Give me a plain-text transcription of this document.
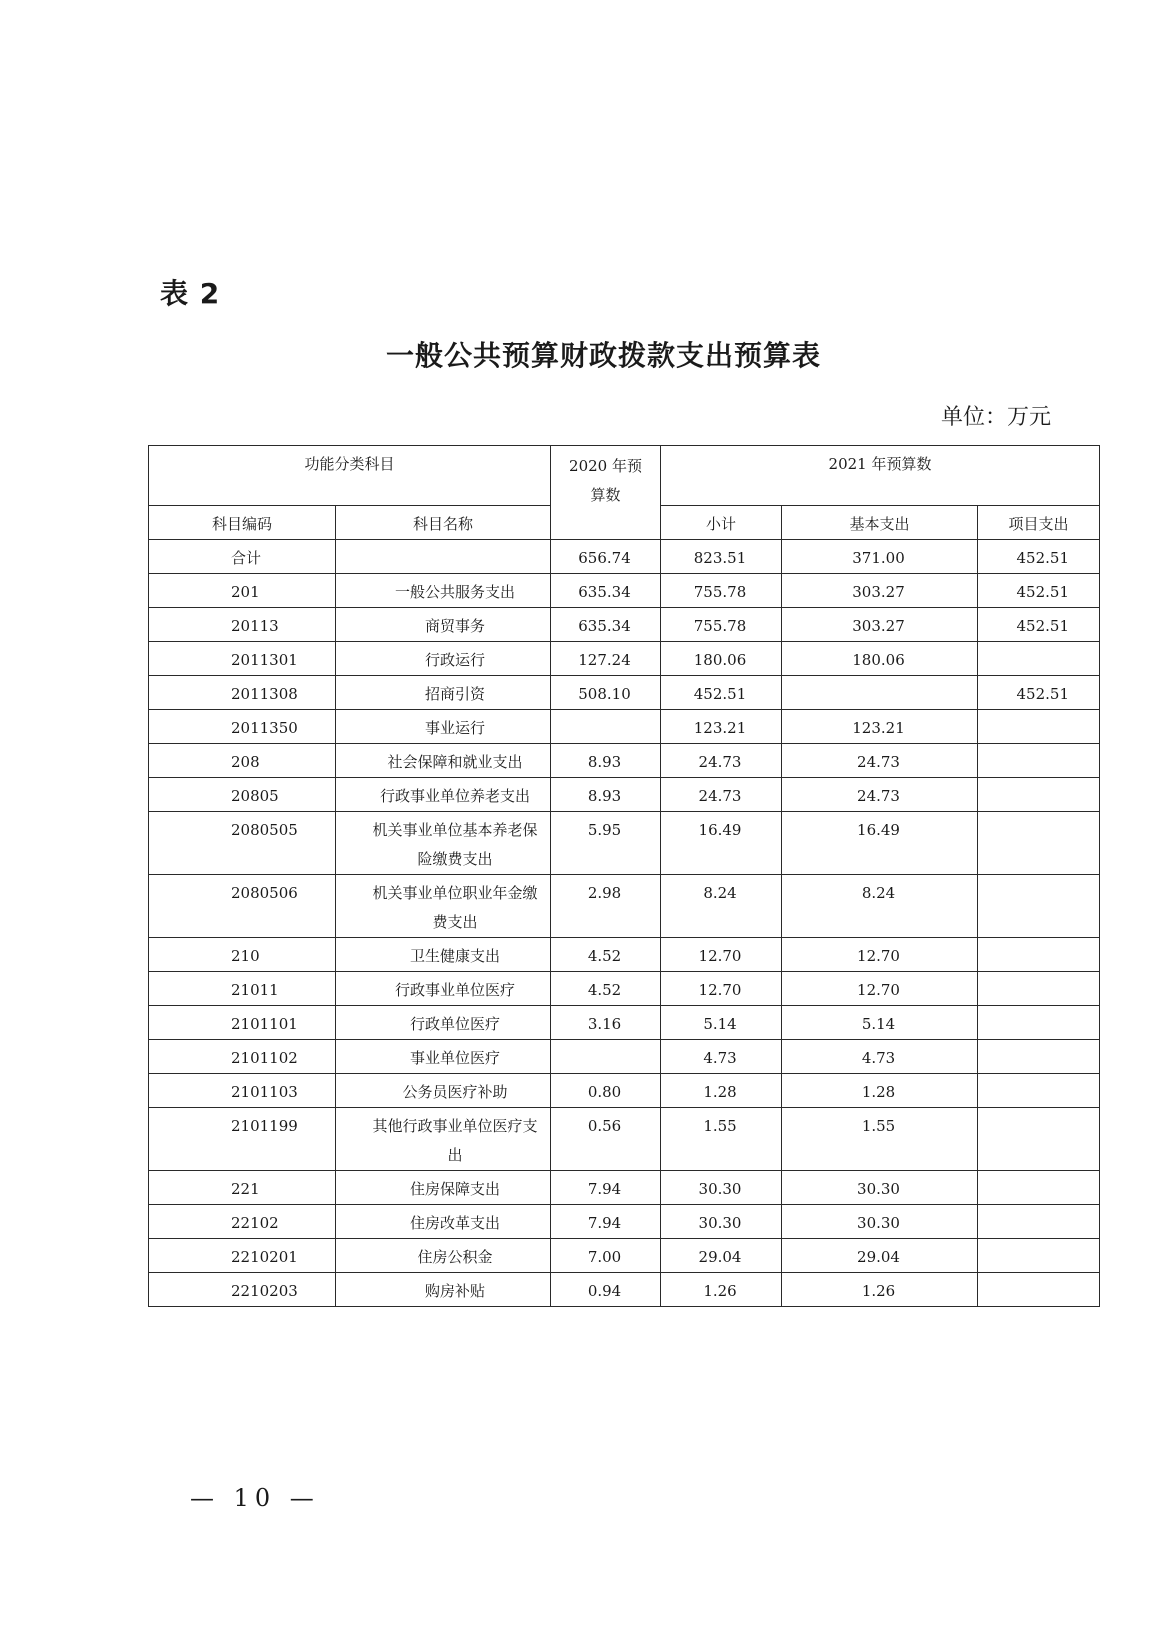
表 2
一般公共预算财政拨款支出预算表
单位：万元
功能分类科目		2020 年预算数	2021 年预算数		
科目编码	科目名称		小计	基本支出	项目支出
合计		656.74	823.51	371.00	452.51
201	一般公共服务支出	635.34	755.78	303.27	452.51
20113	商贸事务	635.34	755.78	303.27	452.51
2011301	行政运行	127.24	180.06	180.06	
2011308	招商引资	508.10	452.51		452.51
2011350	事业运行		123.21	123.21	
208	社会保障和就业支出	8.93	24.73	24.73	
20805	行政事业单位养老支出	8.93	24.73	24.73	
2080505	机关事业单位基本养老保险缴费支出	5.95	16.49	16.49	
2080506	机关事业单位职业年金缴费支出	2.98	8.24	8.24	
210	卫生健康支出	4.52	12.70	12.70	
21011	行政事业单位医疗	4.52	12.70	12.70	
2101101	行政单位医疗	3.16	5.14	5.14	
2101102	事业单位医疗		4.73	4.73	
2101103	公务员医疗补助	0.80	1.28	1.28	
2101199	其他行政事业单位医疗支出	0.56	1.55	1.55	
221	住房保障支出	7.94	30.30	30.30	
22102	住房改革支出	7.94	30.30	30.30	
2210201	住房公积金	7.00	29.04	29.04	
2210203	购房补贴	0.94	1.26	1.26	
— 10 —
